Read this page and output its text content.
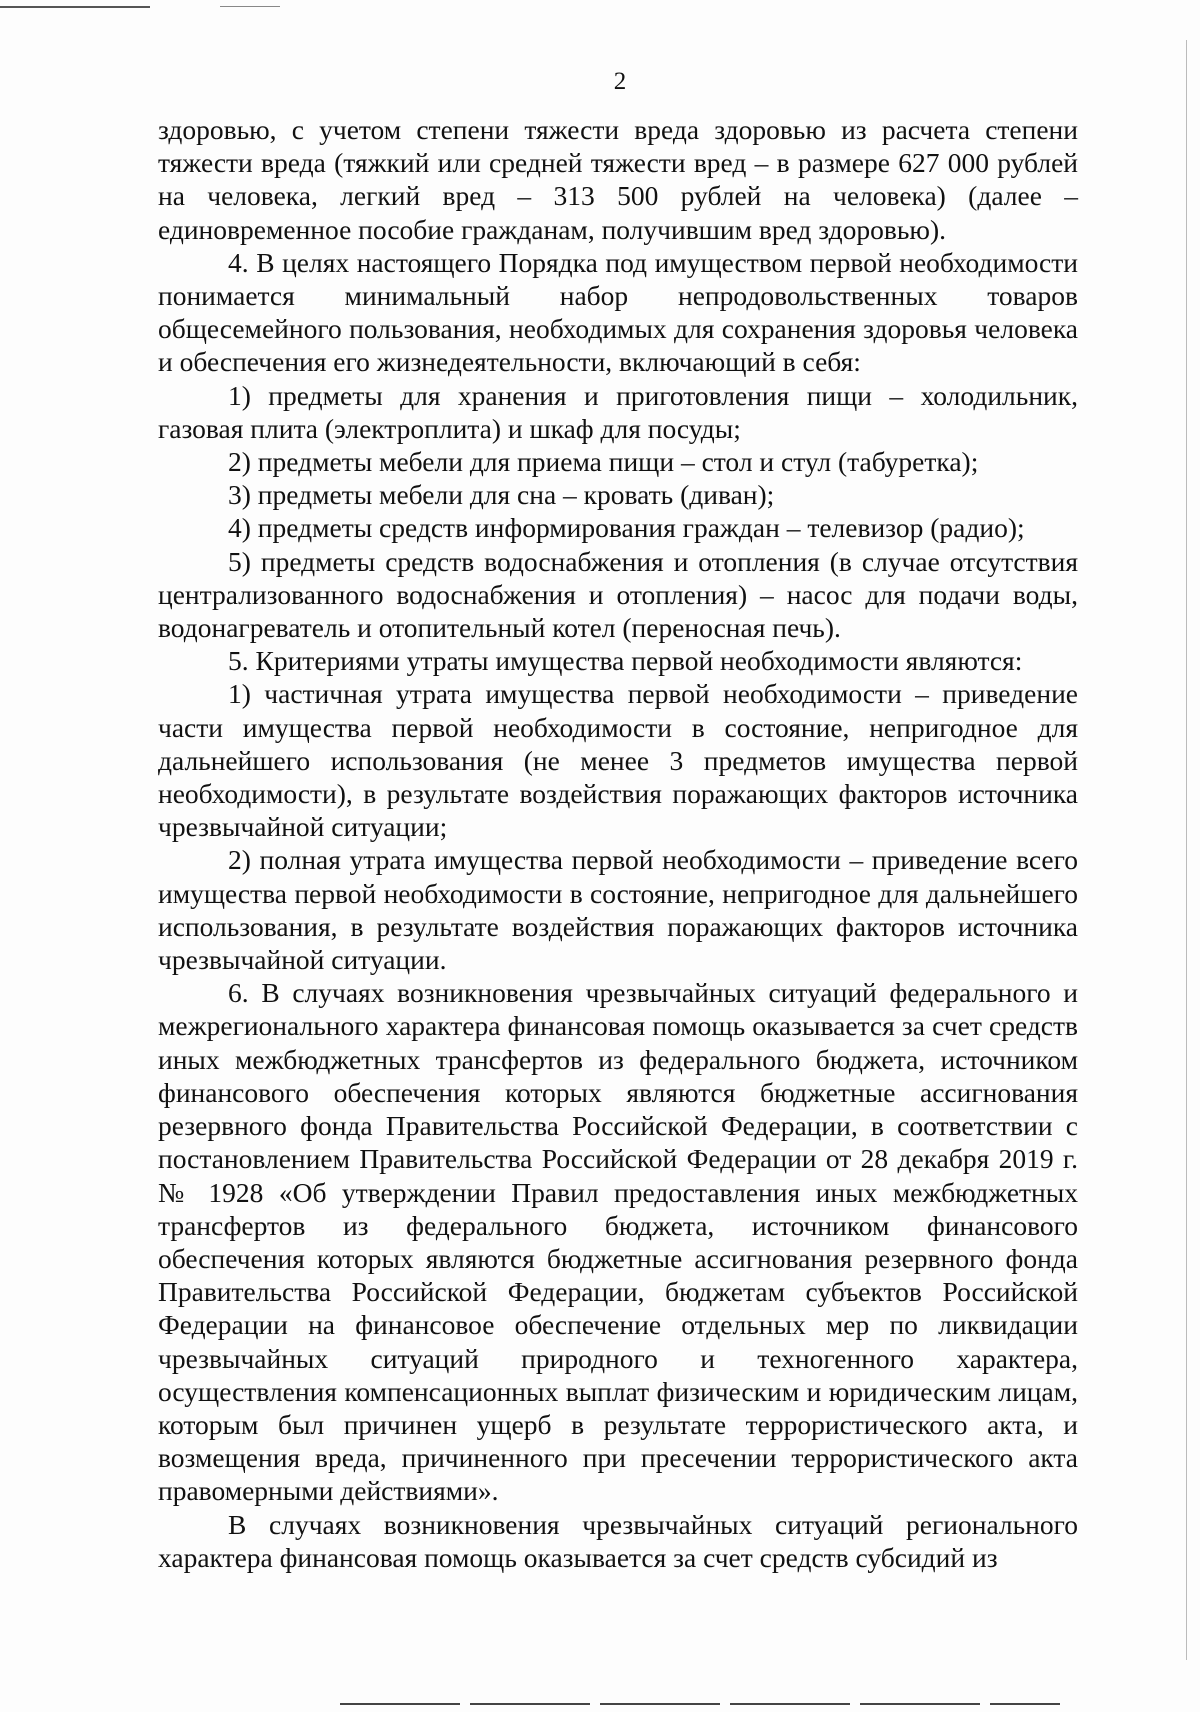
2

здоровью, с учетом степени тяжести вреда здоровью из расчета степени тяжести вреда (тяжкий или средней тяжести вред – в размере 627 000 рублей на человека, легкий вред – 313 500 рублей на человека) (далее – единовременное пособие гражданам, получившим вред здоровью).

4. В целях настоящего Порядка под имуществом первой необходимости понимается минимальный набор непродовольственных товаров общесемейного пользования, необходимых для сохранения здоровья человека и обеспечения его жизнедеятельности, включающий в себя:

1) предметы для хранения и приготовления пищи – холодильник, газовая плита (электроплита) и шкаф для посуды;

2) предметы мебели для приема пищи – стол и стул (табуретка);

3) предметы мебели для сна – кровать (диван);

4) предметы средств информирования граждан – телевизор (радио);

5) предметы средств водоснабжения и отопления (в случае отсутствия централизованного водоснабжения и отопления) – насос для подачи воды, водонагреватель и отопительный котел (переносная печь).

5. Критериями утраты имущества первой необходимости являются:

1) частичная утрата имущества первой необходимости – приведение части имущества первой необходимости в состояние, непригодное для дальнейшего использования (не менее 3 предметов имущества первой необходимости), в результате воздействия поражающих факторов источника чрезвычайной ситуации;

2) полная утрата имущества первой необходимости – приведение всего имущества первой необходимости в состояние, непригодное для дальнейшего использования, в результате воздействия поражающих факторов источника чрезвычайной ситуации.

6. В случаях возникновения чрезвычайных ситуаций федерального и межрегионального характера финансовая помощь оказывается за счет средств иных межбюджетных трансфертов из федерального бюджета, источником финансового обеспечения которых являются бюджетные ассигнования резервного фонда Правительства Российской Федерации, в соответствии с постановлением Правительства Российской Федерации от 28 декабря 2019 г. № 1928 «Об утверждении Правил предоставления иных межбюджетных трансфертов из федерального бюджета, источником финансового обеспечения которых являются бюджетные ассигнования резервного фонда Правительства Российской Федерации, бюджетам субъектов Российской Федерации на финансовое обеспечение отдельных мер по ликвидации чрезвычайных ситуаций природного и техногенного характера, осуществления компенсационных выплат физическим и юридическим лицам, которым был причинен ущерб в результате террористического акта, и возмещения вреда, причиненного при пресечении террористического акта правомерными действиями».

В случаях возникновения чрезвычайных ситуаций регионального характера финансовая помощь оказывается за счет средств субсидий из
